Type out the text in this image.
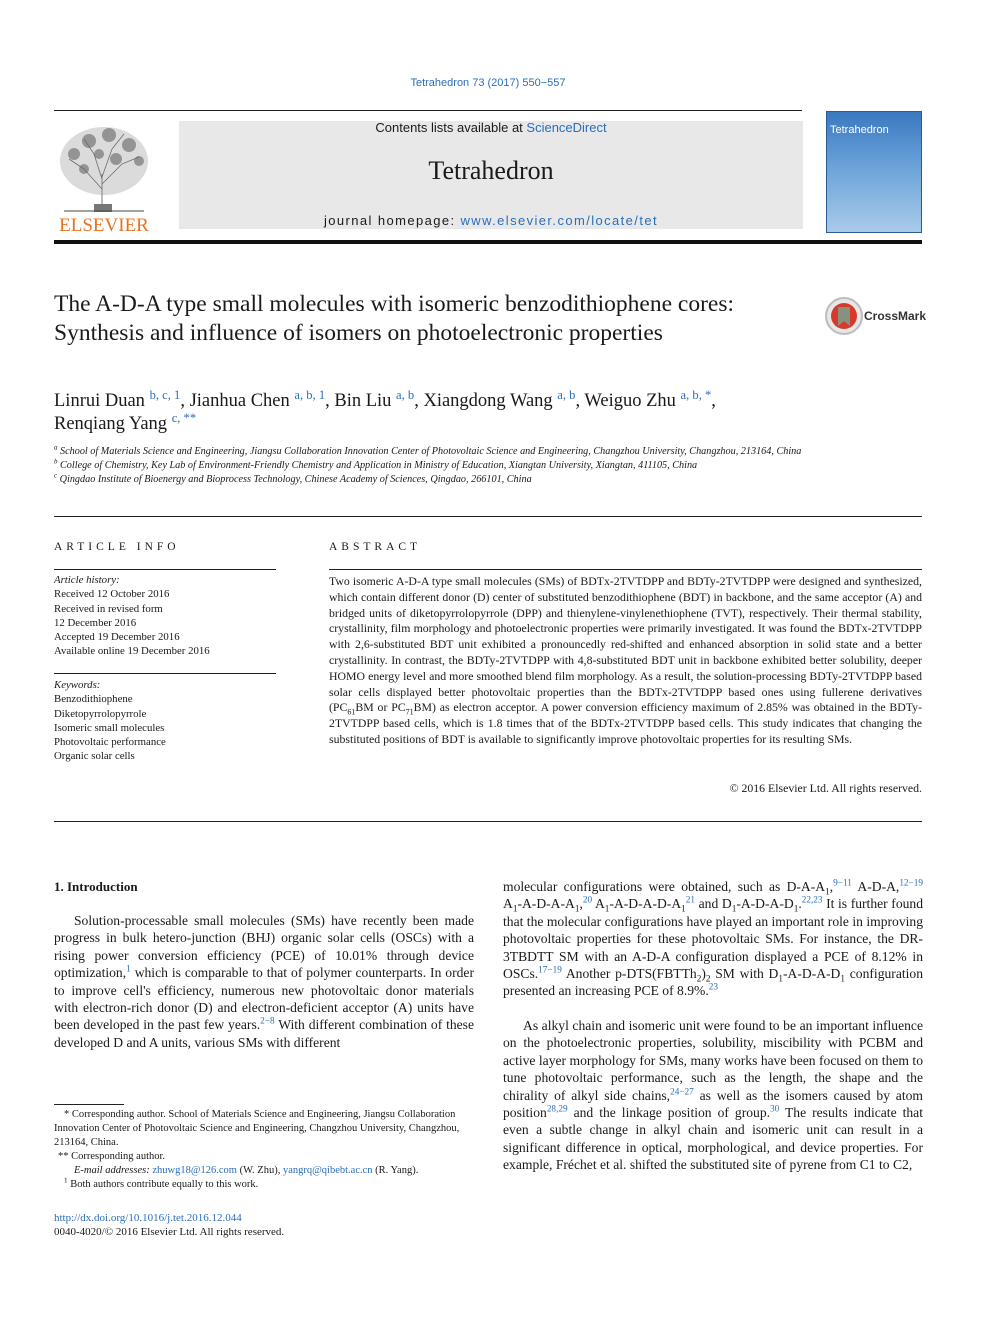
Tetrahedron 73 (2017) 550−557
ELSEVIER
Contents lists available at ScienceDirect
Tetrahedron
journal homepage: www.elsevier.com/locate/tet
Tetrahedron
The A-D-A type small molecules with isomeric benzodithiophene cores: Synthesis and influence of isomers on photoelectronic properties
CrossMark
Linrui Duan $^{b, c, 1}$, Jianhua Chen $^{a, b, 1}$, Bin Liu $^{a, b}$, Xiangdong Wang $^{a, b}$, Weiguo Zhu $^{a, b, *}$,
Renqiang Yang $^{c, **}$
$^a$ School of Materials Science and Engineering, Jiangsu Collaboration Innovation Center of Photovoltaic Science and Engineering, Changzhou University, Changzhou, 213164, China
$^b$ College of Chemistry, Key Lab of Environment-Friendly Chemistry and Application in Ministry of Education, Xiangtan University, Xiangtan, 411105, China
$^c$ Qingdao Institute of Bioenergy and Bioprocess Technology, Chinese Academy of Sciences, Qingdao, 266101, China
ARTICLE INFO
Article history:
Received 12 October 2016
Received in revised form
12 December 2016
Accepted 19 December 2016
Available online 19 December 2016
Keywords:
Benzodithiophene
Diketopyrrolopyrrole
Isomeric small molecules
Photovoltaic performance
Organic solar cells
ABSTRACT
Two isomeric A-D-A type small molecules (SMs) of BDTx-2TVTDPP and BDTy-2TVTDPP were designed and synthesized, which contain different donor (D) center of substituted benzodithiophene (BDT) in backbone, and the same acceptor (A) and bridged units of diketopyrrolopyrrole (DPP) and thienylene-vinylenethiophene (TVT), respectively. Their thermal stability, crystallinity, film morphology and photoelectronic properties were primarily investigated. It was found the BDTx-2TVTDPP with 2,6-substituted BDT unit exhibited a pronouncedly red-shifted and enhanced absorption in solid state and a better crystallinity. In contrast, the BDTy-2TVTDPP with 4,8-substituted BDT unit in backbone exhibited better solubility, deeper HOMO energy level and more smoothed blend film morphology. As a result, the solution-processing BDTy-2TVTDPP based solar cells displayed better photovoltaic properties than the BDTx-2TVTDPP based ones using fullerene derivatives ($PC_{61}BM$ or $PC_{71}BM$) as electron acceptor. A power conversion efficiency maximum of 2.85% was obtained in the BDTy-2TVTDPP based cells, which is 1.8 times that of the BDTx-2TVTDPP based cells. This study indicates that changing the substituted positions of BDT is available to significantly improve photovoltaic properties for its resulting SMs.
© 2016 Elsevier Ltd. All rights reserved.
1. Introduction
Solution-processable small molecules (SMs) have recently been made progress in bulk hetero-junction (BHJ) organic solar cells (OSCs) with a rising power conversion efficiency (PCE) of 10.01% through device optimization,$^1$ which is comparable to that of polymer counterparts. In order to improve cell's efficiency, numerous new photovoltaic donor materials with electron-rich donor (D) and electron-deficient acceptor (A) units have been developed in the past few years.$^{2-8}$ With different combination of these developed D and A units, various SMs with different
molecular configurations were obtained, such as $D-A-A_1,^{9-11}$ A-D-A,$^{12-19}$ $A_1-A-D-A-A_1,^{20}$ $A_1-A-D-A-D-A_1^{21}$ and $D_1-A-D-A-D_1.^{22,23}$ It is further found that the molecular configurations have played an important role in improving photovoltaic properties for these photovoltaic SMs. For instance, the DR-3TBDTT SM with an A-D-A configuration displayed a PCE of 8.12% in OSCs.$^{17-19}$ Another $p-DTS(FBTTh_2)_2$ SM with $D_1-A-D-A-D_1$ configuration presented an increasing PCE of 8.9%.$^{23}$
As alkyl chain and isomeric unit were found to be an important influence on the photoelectronic properties, solubility, miscibility with PCBM and active layer morphology for SMs, many works have been focused on them to tune photovoltaic performance, such as the length, the shape and the chirality of alkyl side chains,$^{24-27}$ as well as the isomers caused by atom position$^{28,29}$ and the linkage position of group.$^{30}$ The results indicate that even a subtle change in alkyl chain and isomeric unit can result in a significant difference in optical, morphological, and device properties. For example, Fréchet et al. shifted the substituted site of pyrene from C1 to C2,
* Corresponding author. School of Materials Science and Engineering, Jiangsu Collaboration Innovation Center of Photovoltaic Science and Engineering, Changzhou University, Changzhou, 213164, China.
** Corresponding author.
E-mail addresses: zhuwg18@126.com (W. Zhu), yangrq@qibebt.ac.cn (R. Yang).
$^1$ Both authors contribute equally to this work.
http://dx.doi.org/10.1016/j.tet.2016.12.044
0040-4020/© 2016 Elsevier Ltd. All rights reserved.
